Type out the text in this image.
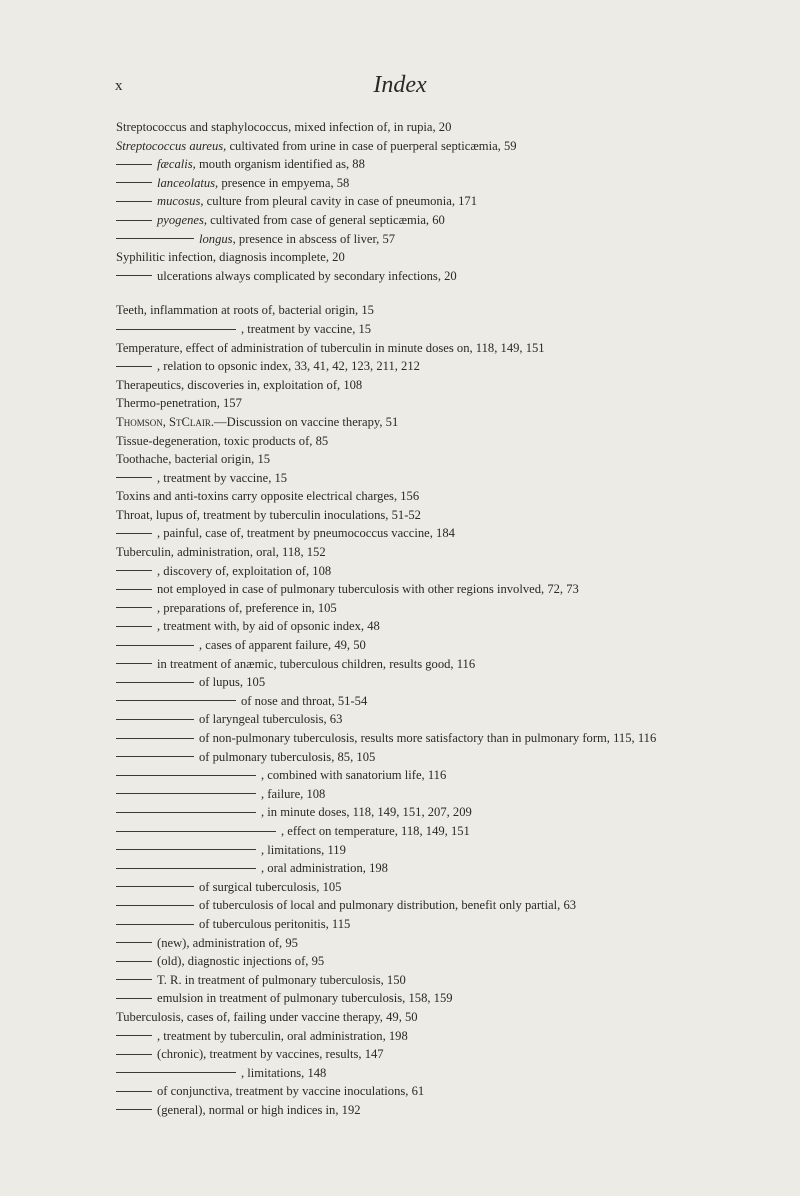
x	Index
Streptococcus and staphylococcus, mixed infection of, in rupia, 20
Streptococcus aureus, cultivated from urine in case of puerperal septicæmia, 59
fæcalis, mouth organism identified as, 88
lanceolatus, presence in empyema, 58
mucosus, culture from pleural cavity in case of pneumonia, 171
pyogenes, cultivated from case of general septicæmia, 60
longus, presence in abscess of liver, 57
Syphilitic infection, diagnosis incomplete, 20
ulcerations always complicated by secondary infections, 20
Teeth, inflammation at roots of, bacterial origin, 15
, treatment by vaccine, 15
Temperature, effect of administration of tuberculin in minute doses on, 118, 149, 151
, relation to opsonic index, 33, 41, 42, 123, 211, 212
Therapeutics, discoveries in, exploitation of, 108
Thermo-penetration, 157
Thomson, StClair.—Discussion on vaccine therapy, 51
Tissue-degeneration, toxic products of, 85
Toothache, bacterial origin, 15
, treatment by vaccine, 15
Toxins and anti-toxins carry opposite electrical charges, 156
Throat, lupus of, treatment by tuberculin inoculations, 51-52
, painful, case of, treatment by pneumococcus vaccine, 184
Tuberculin, administration, oral, 118, 152
, discovery of, exploitation of, 108
not employed in case of pulmonary tuberculosis with other regions involved, 72, 73
, preparations of, preference in, 105
, treatment with, by aid of opsonic index, 48
, cases of apparent failure, 49, 50
in treatment of anæmic, tuberculous children, results good, 116
of lupus, 105
of nose and throat, 51-54
of laryngeal tuberculosis, 63
of non-pulmonary tuberculosis, results more satisfactory than in pulmonary form, 115, 116
of pulmonary tuberculosis, 85, 105
, combined with sanatorium life, 116
, failure, 108
, in minute doses, 118, 149, 151, 207, 209
, effect on temperature, 118, 149, 151
, limitations, 119
, oral administration, 198
of surgical tuberculosis, 105
of tuberculosis of local and pulmonary distribution, benefit only partial, 63
of tuberculous peritonitis, 115
(new), administration of, 95
(old), diagnostic injections of, 95
T. R. in treatment of pulmonary tuberculosis, 150
emulsion in treatment of pulmonary tuberculosis, 158, 159
Tuberculosis, cases of, failing under vaccine therapy, 49, 50
, treatment by tuberculin, oral administration, 198
(chronic), treatment by vaccines, results, 147
, limitations, 148
of conjunctiva, treatment by vaccine inoculations, 61
(general), normal or high indices in, 192
